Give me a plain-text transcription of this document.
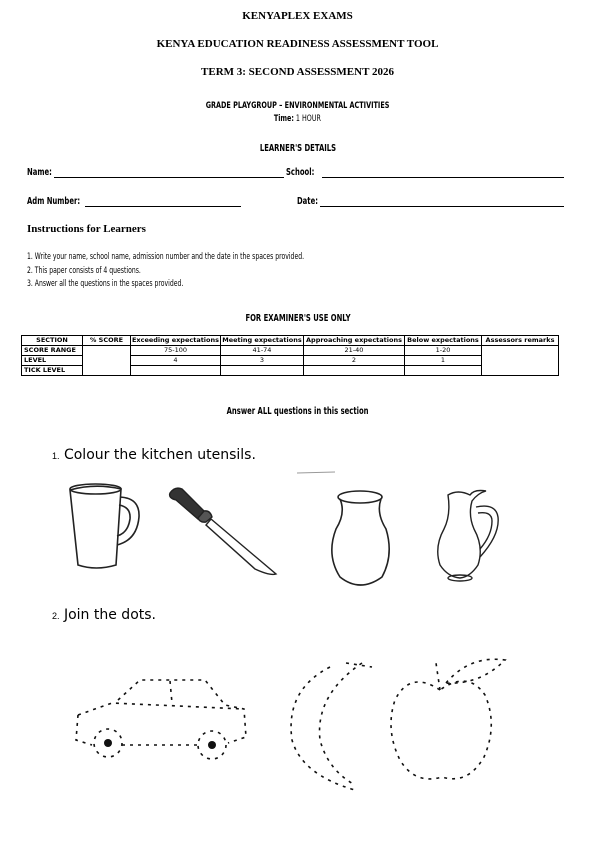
KENYAPLEX EXAMS
KENYA EDUCATION READINESS ASSESSMENT TOOL
TERM 3: SECOND ASSESSMENT 2026
GRADE PLAYGROUP – ENVIRONMENTAL ACTIVITIES
Time: 1 HOUR
LEARNER'S DETAILS
Name:	School:
Adm Number:	Date:
Instructions for Learners
1. Write your name, school name, admission number and the date in the spaces provided.
2. This paper consists of 4 questions.
3. Answer all the questions in the spaces provided.
FOR EXAMINER'S USE ONLY
SECTION	% SCORE	Exceeding expectations	Meeting expectations	Approaching expectations	Below expectations	Assessors remarks
SCORE RANGE		75-100	41-74	21-40	1-20	
LEVEL		4	3	2	1	
TICK LEVEL						
Answer ALL questions in this section
1. Colour the kitchen utensils.
2. Join the dots.
